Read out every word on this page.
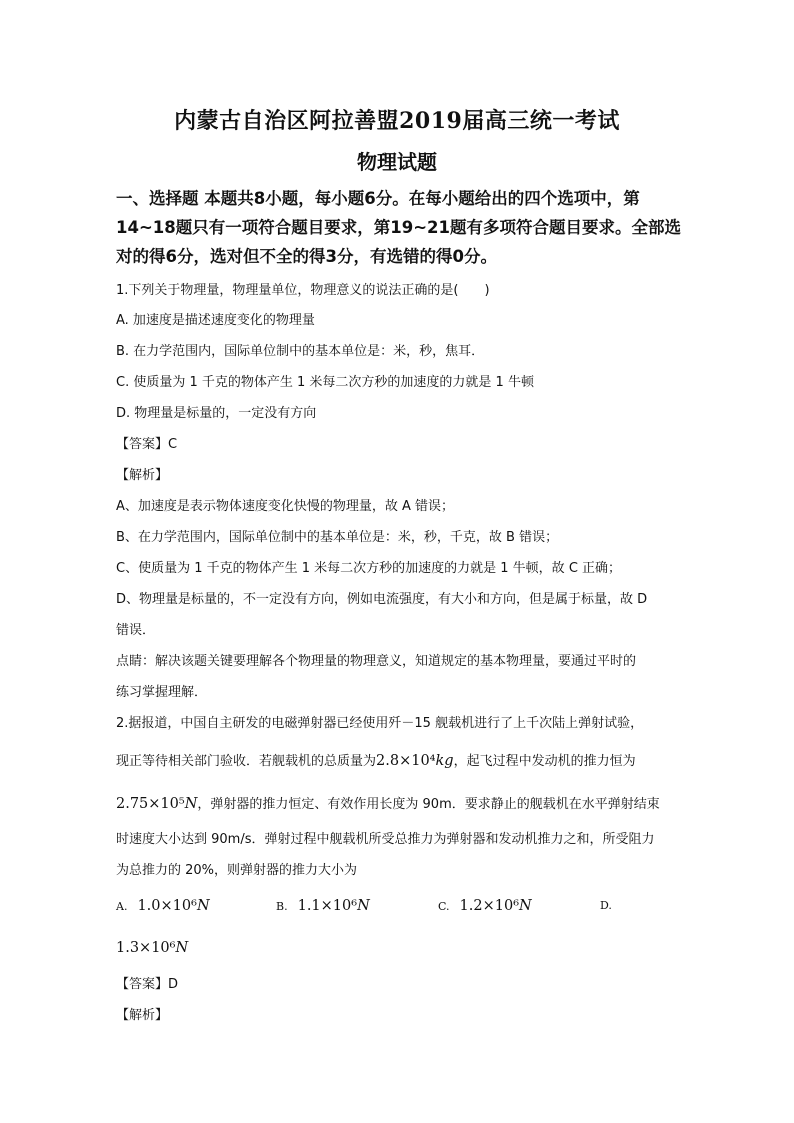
内蒙古自治区阿拉善盟2019届高三统一考试
物理试题
一、选择题 本题共8小题，每小题6分。在每小题给出的四个选项中，第14~18题只有一项符合题目要求，第19~21题有多项符合题目要求。全部选对的得6分，选对但不全的得3分，有选错的得0分。
1.下列关于物理量，物理量单位，物理意义的说法正确的是(　　)
A. 加速度是描述速度变化的物理量
B. 在力学范围内，国际单位制中的基本单位是：米，秒，焦耳．
C. 使质量为 1 千克的物体产生 1 米每二次方秒的加速度的力就是 1 牛顿
D. 物理量是标量的，一定没有方向
【答案】C
【解析】
A、加速度是表示物体速度变化快慢的物理量，故 A 错误；
B、在力学范围内，国际单位制中的基本单位是：米，秒，千克，故 B 错误；
C、使质量为 1 千克的物体产生 1 米每二次方秒的加速度的力就是 1 牛顿，故 C 正确；
D、物理量是标量的，不一定没有方向，例如电流强度，有大小和方向，但是属于标量，故 D
错误．
点睛：解决该题关键要理解各个物理量的物理意义，知道规定的基本物理量，要通过平时的
练习掌握理解．
2.据报道，中国自主研发的电磁弹射器已经使用歼－15 舰载机进行了上千次陆上弹射试验，
现正等待相关部门验收．若舰载机的总质量为2.8×10⁴kg，起飞过程中发动机的推力恒为
2.75×10⁵N，弹射器的推力恒定、有效作用长度为 90m．要求静止的舰载机在水平弹射结束
时速度大小达到 90m/s．弹射过程中舰载机所受总推力为弹射器和发动机推力之和，所受阻力
为总推力的 20%，则弹射器的推力大小为
A. 1.0×10⁶N	B. 1.1×10⁶N	C. 1.2×10⁶N	D.
1.3×10⁶N
【答案】D
【解析】
